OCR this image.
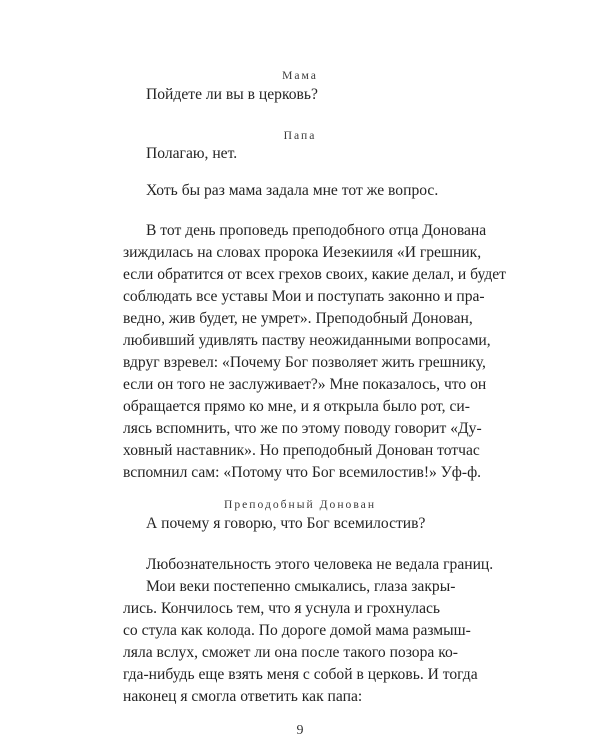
Мама
Пойдете ли вы в церковь?
Папа
Полагаю, нет.
Хоть бы раз мама задала мне тот же вопрос.
В тот день проповедь преподобного отца Донована
зиждилась на словах пророка Иезекииля «И грешник,
если обратится от всех грехов своих, какие делал, и будет
соблюдать все уставы Мои и поступать законно и пра-
ведно, жив будет, не умрет». Преподобный Донован,
любивший удивлять паству неожиданными вопросами,
вдруг взревел: «Почему Бог позволяет жить грешнику,
если он того не заслуживает?» Мне показалось, что он
обращается прямо ко мне, и я открыла было рот, си-
лясь вспомнить, что же по этому поводу говорит «Ду-
ховный наставник». Но преподобный Донован тотчас
вспомнил сам: «Потому что Бог всемилостив!» Уф-ф.
Преподобный Донован
А почему я говорю, что Бог всемилостив?
Любознательность этого человека не ведала границ.
Мои веки постепенно смыкались, глаза закры-
лись. Кончилось тем, что я уснула и грохнулась
со стула как колода. По дороге домой мама размыш-
ляла вслух, сможет ли она после такого позора ко-
гда-нибудь еще взять меня с собой в церковь. И тогда
наконец я смогла ответить как папа:
9
